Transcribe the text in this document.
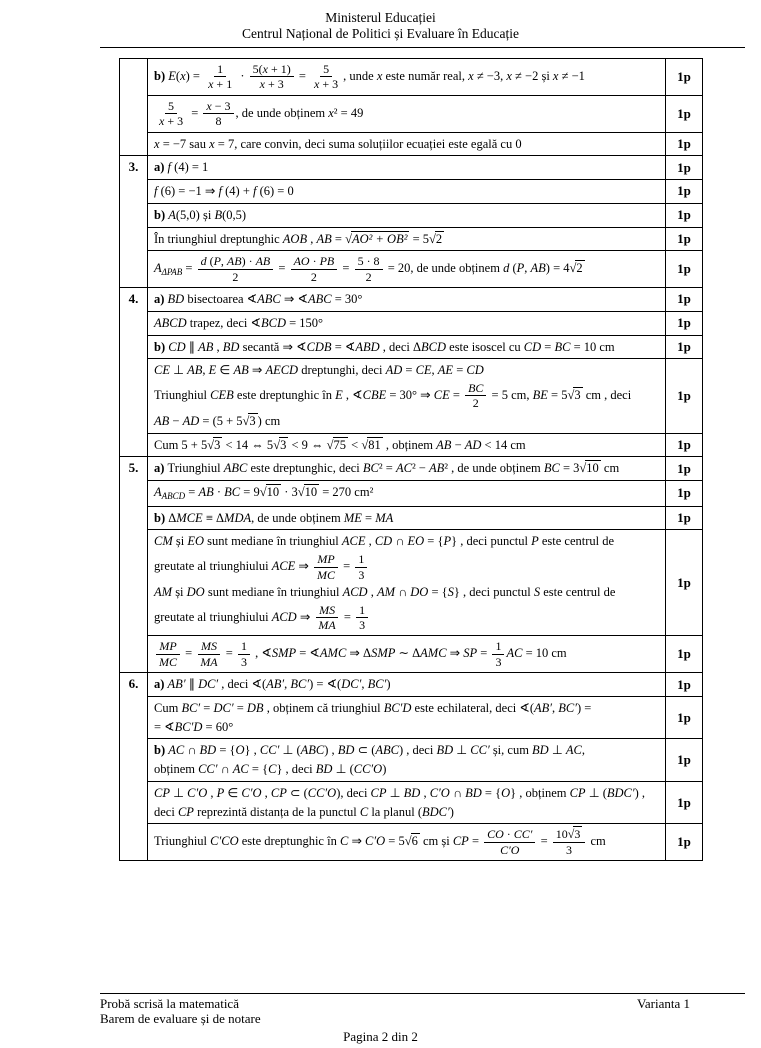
Ministerul Educației
Centrul Național de Politici și Evaluare în Educație
b) $E(x) = \frac{1}{x + 1} \cdot \frac{5(x + 1)}{x + 3} = \frac{5}{x + 3}$ , unde x este număr real, x ≠ −3, x ≠ −2 și x ≠ −1	1p
$\frac{5}{x + 3} = \frac{x - 3}{8}$ , de unde obținem x² = 49	1p
x = −7 sau x = 7, care convin, deci suma soluțiilor ecuației este egală cu 0	1p
3.	a) f (4) = 1	1p
f (6) = −1 ⇒ f (4) + f (6) = 0	1p
b) A(5,0) și B(0,5)	1p
În triunghiul dreptunghic AOB , AB = √AO² + OB² = 5√2	1p
$A_{\Delta PAB} = \frac{d (P, AB) \cdot AB}{2} = \frac{AO \cdot PB}{2} = \frac{5 \cdot 8}{2} = 20$, de unde obținem d (P, AB) = 4√2	1p
4.	a) BD bisectoarea ∢ABC ⇒ ∢ABC = 30°	1p
ABCD trapez, deci ∢BCD = 150°	1p
b) CD ∥ AB , BD secantă ⇒ ∢CDB = ∢ABD , deci ΔBCD este isoscel cu CD = BC = 10 cm	1p
CE ⊥ AB, E ∈ AB ⇒ AECD dreptunghi, deci AD = CE, AE = CD
Triunghiul CEB este dreptunghic în E , ∢CBE = 30° ⇒ CE = $\frac{BC}{2} = 5$ cm, BE = 5√3 cm , deci
AB − AD = (5 + 5√3 ) cm
1p
Cum 5 + 5√3 < 14 ⇔ 5√3 < 9 ⇔ √75 < √81 , obținem AB − AD < 14 cm	1p
5.	a) Triunghiul ABC este dreptunghic, deci BC² = AC² − AB² , de unde obținem BC = 3√10 cm	1p
$A_{ABCD}$ = AB · BC = 9√10 · 3√10 = 270 cm²	1p
b) ΔMCE ≡ ΔMDA, de unde obținem ME = MA	1p
CM și EO sunt mediane în triunghiul ACE , CD ∩ EO = {P} , deci punctul P este centrul de
greutate al triunghiului ACE ⇒ $\frac{MP}{MC} = \frac{1}{3}$
AM și DO sunt mediane în triunghiul ACD , AM ∩ DO = {S} , deci punctul S este centrul de
greutate al triunghiului ACD ⇒ $\frac{MS}{MA} = \frac{1}{3}$
1p
$\frac{MP}{MC} = \frac{MS}{MA} = \frac{1}{3}$ , ∢SMP = ∢AMC ⇒ ΔSMP ∼ ΔAMC ⇒ SP = $\frac{1}{3}$ AC = 10 cm	1p
6.	a) AB′ ∥ DC′ , deci ∢(AB′, BC′) = ∢(DC′, BC′)	1p
Cum BC′ = DC′ = DB , obținem că triunghiul BC′D este echilateral, deci ∢(AB′, BC′) =
= ∢BC′D = 60°
1p
b) AC ∩ BD = {O} , CC′ ⊥ (ABC) , BD ⊂ (ABC) , deci BD ⊥ CC′ și, cum BD ⊥ AC,
obținem CC′ ∩ AC = {C} , deci BD ⊥ (CC′O)
1p
CP ⊥ C′O , P ∈ C′O , CP ⊂ (CC′O), deci CP ⊥ BD , C′O ∩ BD = {O} , obținem CP ⊥ (BDC′) ,
deci CP reprezintă distanța de la punctul C la planul (BDC′)
1p
Triunghiul C′CO este dreptunghic în C ⇒ C′O = 5√6 cm și CP = $\frac{CO \cdot CC'}{C'O} = \frac{10√3}{3}$ cm	1p
Probă scrisă la matematică
Barem de evaluare și de notare
Varianta 1
Pagina 2 din 2
